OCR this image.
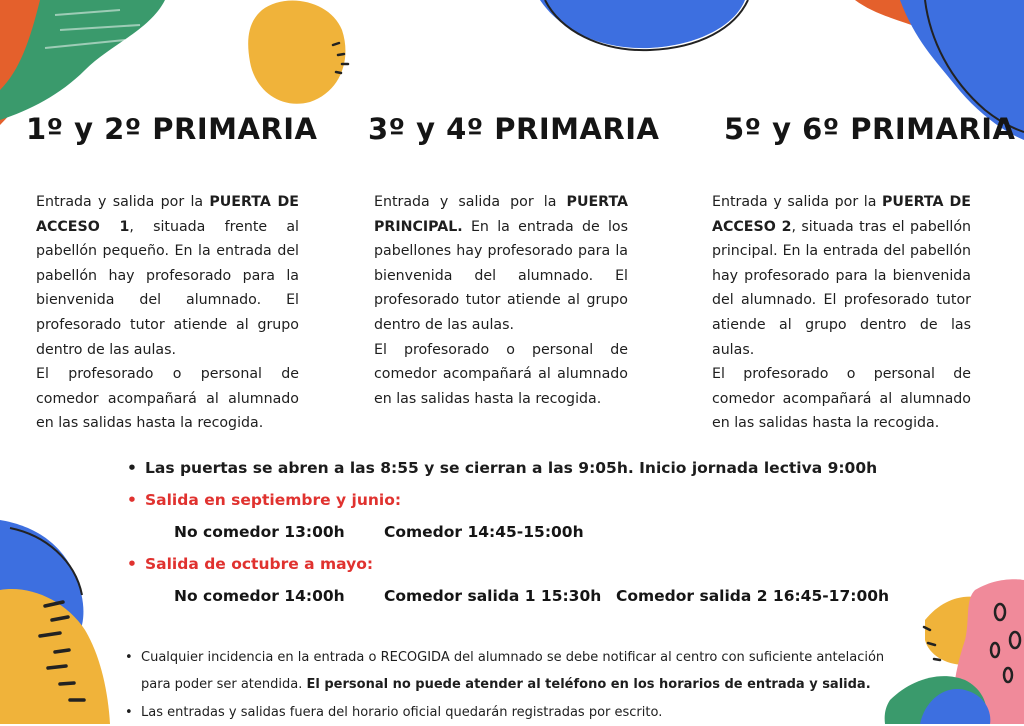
1º y 2º PRIMARIA 3º y 4º PRIMARIA 5º y 6º PRIMARIA

Entrada y salida por la PUERTA DE ACCESO 1, situada frente al pabellón pequeño. En la entrada del pabellón hay profesorado para la bienvenida del alumnado. El profesorado tutor atiende al grupo dentro de las aulas.

El profesorado o personal de comedor acompañará al alumnado en las salidas hasta la recogida.

Entrada y salida por la PUERTA PRINCIPAL. En la entrada de los pabellones hay profesorado para la bienvenida del alumnado. El profesorado tutor atiende al grupo dentro de las aulas.

El profesorado o personal de comedor acompañará al alumnado en las salidas hasta la recogida.

Entrada y salida por la PUERTA DE ACCESO 2, situada tras el pabellón principal. En la entrada del pabellón hay profesorado para la bienvenida del alumnado. El profesorado tutor atiende al grupo dentro de las aulas.

El profesorado o personal de comedor acompañará al alumnado en las salidas hasta la recogida.

• Las puertas se abren a las 8:55 y se cierran a las 9:05h. Inicio jornada lectiva 9:00h
• Salida en septiembre y junio:
No comedor 13:00h	Comedor 14:45-15:00h
• Salida de octubre a mayo:
No comedor 14:00h	Comedor salida 1 15:30h Comedor salida 2 16:45-17:00h
• Cualquier incidencia en la entrada o RECOGIDA del alumnado se debe notificar al centro con suficiente antelación
para poder ser atendida. El personal no puede atender al teléfono en los horarios de entrada y salida.
• Las entradas y salidas fuera del horario oficial quedarán registradas por escrito.
